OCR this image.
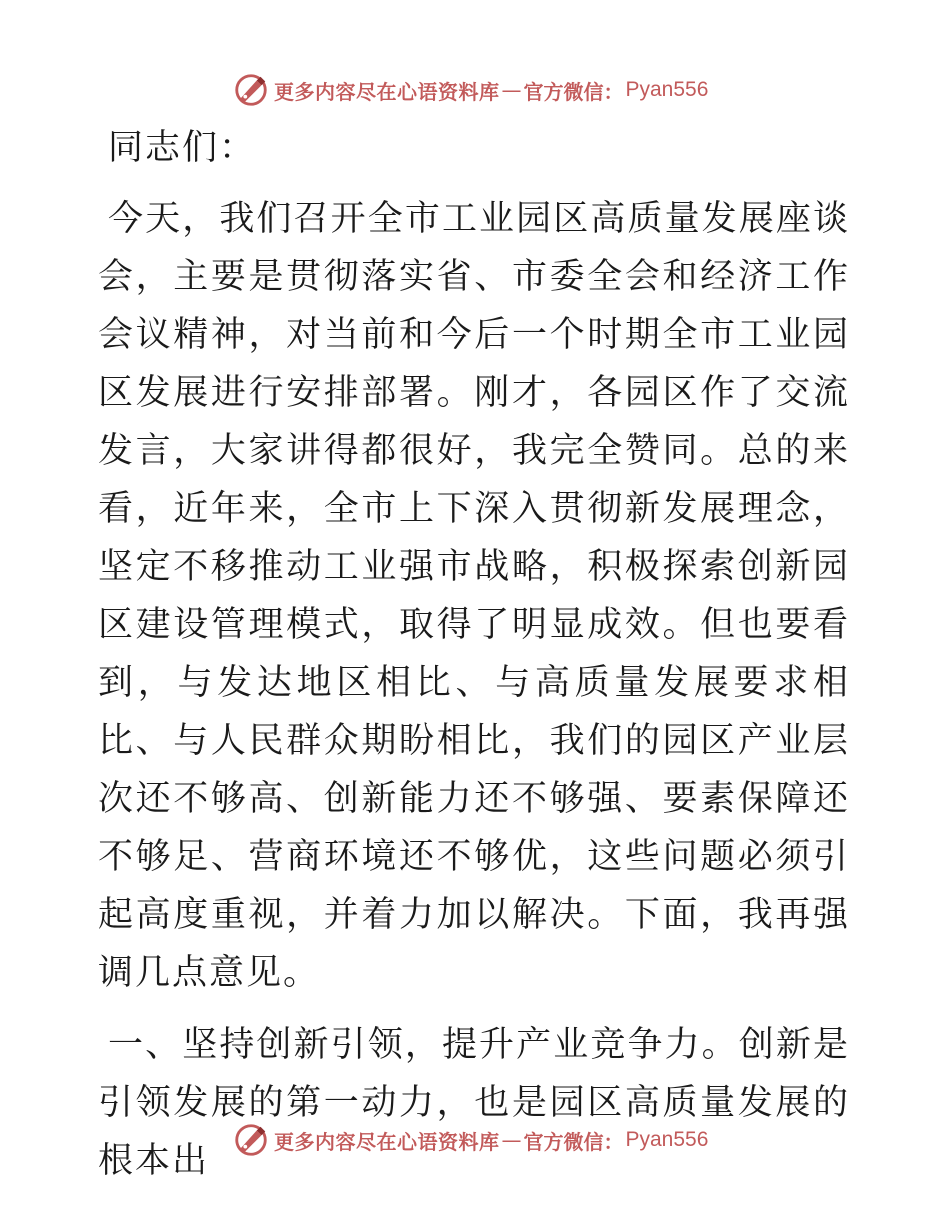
更多内容尽在心语资料库 — 官方微信： Pyan556
同志们：

今天，我们召开全市工业园区高质量发展座谈会，主要是贯彻落实省、市委全会和经济工作会议精神，对当前和今后一个时期全市工业园区发展进行安排部署。刚才，各园区作了交流发言，大家讲得都很好，我完全赞同。总的来看，近年来，全市上下深入贯彻新发展理念，坚定不移推动工业强市战略，积极探索创新园区建设管理模式，取得了明显成效。但也要看到，与发达地区相比、与高质量发展要求相比、与人民群众期盼相比，我们的园区产业层次还不够高、创新能力还不够强、要素保障还不够足、营商环境还不够优，这些问题必须引起高度重视，并着力加以解决。下面，我再强调几点意见。

一、坚持创新引领，提升产业竞争力。创新是引领发展的第一动力，也是园区高质量发展的根本出	更多内容尽在心语资料库 — 官方微信： Pyan556
